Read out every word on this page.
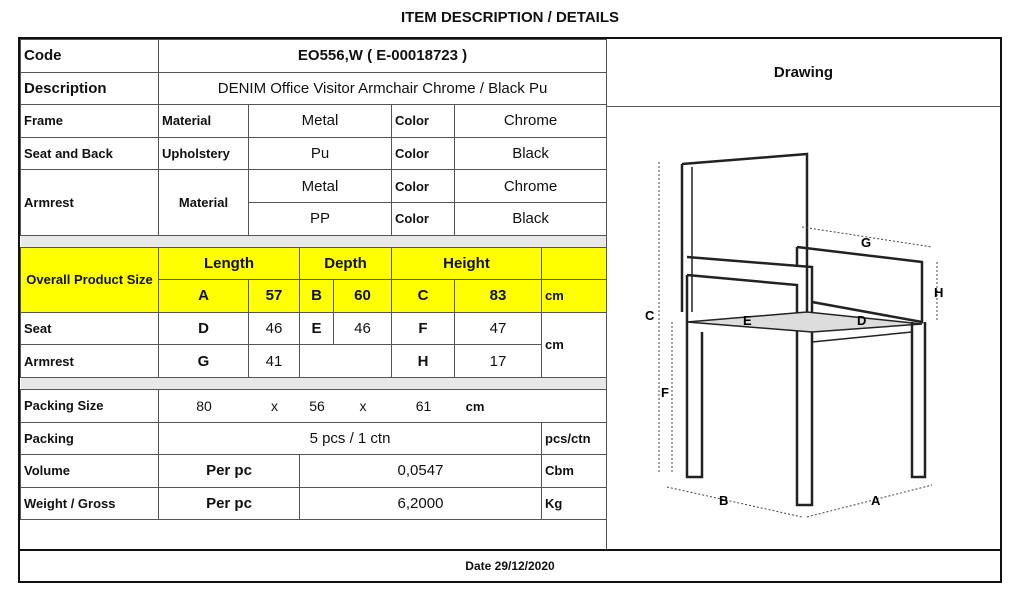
ITEM DESCRIPTION / DETAILS
Code	EO556,W ( E-00018723 )						
Description	DENIM Office Visitor Armchair Chrome / Black Pu						
Frame	Material	Metal			Color	Chrome	
Seat and Back	Upholstery	Pu			Color	Black	
Armrest	Material	Metal			Color	Chrome	
		PP			Color	Black	

Overall Product Size	Length		Depth		Height		
	A	57	B	60	C	83	cm
Seat	D	46	E	46	F	47	cm
Armrest	G	41			H	17	

Packing Size	80 x 56 x 61 cm						
Packing	5 pcs / 1 ctn						pcs/ctn
Volume	Per pc		0,0547				Cbm
Weight / Gross	Per pc		6,2000				Kg
Drawing
C
F
B	A
G
H
E	D
Date 29/12/2020
